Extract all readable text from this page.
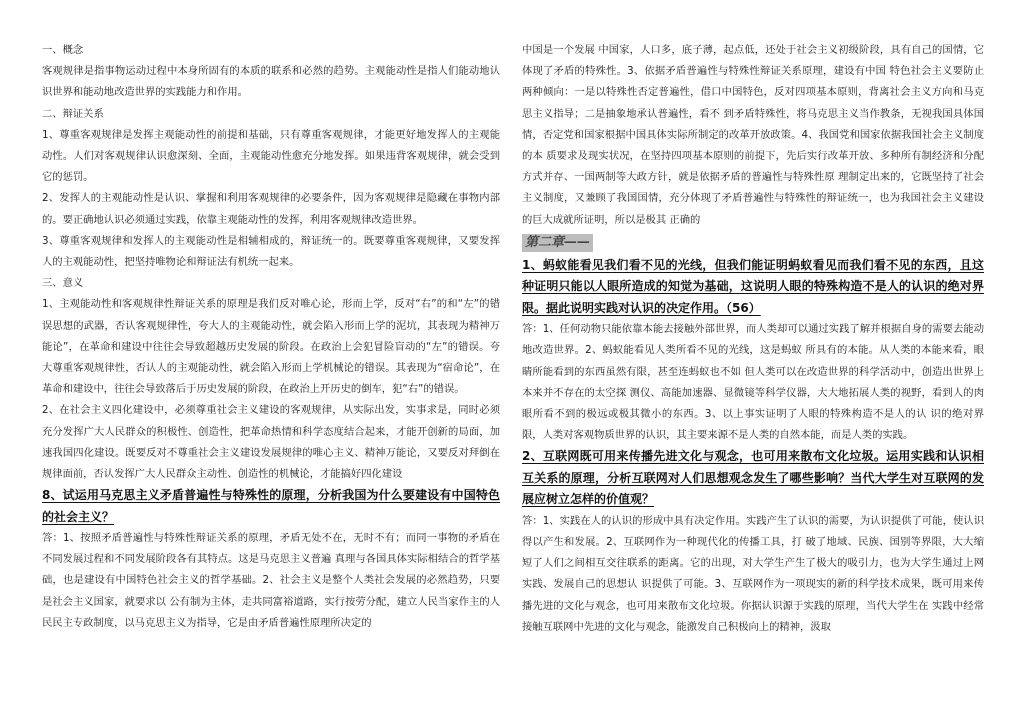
一、概念

客观规律是指事物运动过程中本身所固有的本质的联系和必然的趋势。主观能动性是指人们能动地认识世界和能动地改造世界的实践能力和作用。

二、辩证关系

1、尊重客观规律是发挥主观能动性的前提和基础，只有尊重客观规律，才能更好地发挥人的主观能动性。人们对客观规律认识愈深刻、全面，主观能动性愈充分地发挥。如果违背客观规律，就会受到它的惩罚。

2、发挥人的主观能动性是认识、掌握和利用客观规律的必要条件，因为客观规律是隐藏在事物内部的。要正确地认识必须通过实践，依靠主观能动性的发挥，利用客观规律改造世界。

3、尊重客观规律和发挥人的主观能动性是相辅相成的，辩证统一的。既要尊重客观规律，又要发挥人的主观能动性，把坚持唯物论和辩证法有机统一起来。

三、意义

1、主观能动性和客观规律性辩证关系的原理是我们反对唯心论，形而上学，反对“右”的和“左”的错误思想的武器，否认客观规律性，夸大人的主观能动性，就会陷入形而上学的泥坑，其表现为精神万能论”，在革命和建设中往往会导致超越历史发展的阶段。在政治上会犯冒险盲动的“左”的错误。夸大尊重客观规律性，否认人的主观能动性，就会陷入形而上学机械论的错误。其表现为“宿命论”，在革命和建设中，往往会导致落后于历史发展的阶段，在政治上开历史的倒车，犯“右”的错误。

2、在社会主义四化建设中，必须尊重社会主义建设的客观规律，从实际出发，实事求是，同时必须充分发挥广大人民群众的积极性、创造性，把革命热情和科学态度结合起来，才能开创新的局面，加速我国四化建设。既要反对不尊重社会主义建设发展规律的唯心主义、精神万能论，又要反对拜倒在规律面前，否认发挥广大人民群众主动性、创造性的机械论，才能搞好四化建设

8、试运用马克思主义矛盾普遍性与特殊性的原理，分析我国为什么要建设有中国特色的社会主义？

答：1、按照矛盾普遍性与特殊性辩证关系的原理，矛盾无处不在，无时不有；而同一事物的矛盾在不同发展过程和不同发展阶段各有其特点。这是马克思主义普遍 真理与各国具体实际相结合的哲学基础，也是建设有中国特色社会主义的哲学基础。2、社会主义是整个人类社会发展的必然趋势，只要是社会主义国家，就要求以 公有制为主体，走共同富裕道路，实行按劳分配，建立人民当家作主的人民民主专政制度，以马克思主义为指导，它是由矛盾普遍性原理所决定的

中国是一个发展 中国家，人口多，底子薄，起点低，还处于社会主义初级阶段，具有自己的国情，它体现了矛盾的特殊性。3、依据矛盾普遍性与特殊性辩证关系原理，建设有中国 特色社会主义要防止两种倾向：一是以特殊性否定普遍性，借口中国特色，反对四项基本原则，背离社会主义方向和马克思主义指导；二是抽象地承认普遍性，看不 到矛盾特殊性，将马克思主义当作教条，无视我国具体国情，否定党和国家根据中国具体实际所制定的改革开放政策。4、我国党和国家依据我国社会主义制度的本 质要求及现实状况，在坚持四项基本原则的前提下，先后实行改革开放、多种所有制经济和分配方式并存、一国两制等大政方针，就是依据矛盾的普遍性与特殊性原 理制定出来的，它既坚持了社会主义制度，又兼顾了我国国情，充分体现了矛盾普遍性与特殊性的辩证统一，也为我国社会主义建设的巨大成就所证明，所以是极其 正确的

第二章——

1、蚂蚁能看见我们看不见的光线，但我们能证明蚂蚁看见而我们看不见的东西，且这种证明只能以人眼所造成的知觉为基础，这说明人眼的特殊构造不是人的认识的绝对界限。据此说明实践对认识的决定作用。（56）

答：1、任何动物只能依靠本能去接触外部世界，而人类却可以通过实践了解并根据自身的需要去能动地改造世界。2、蚂蚁能看见人类所看不见的光线，这是蚂蚁 所具有的本能。从人类的本能来看，眼睛所能看到的东西虽然有限，甚至连蚂蚁也不如 但人类可以在改造世界的科学活动中，创造出世界上本来并不存在的太空探 测仪、高能加速器、显微镜等科学仪器，大大地拓展人类的视野，看到人的肉眼所看不到的极远或极其微小的东西。3、以上事实证明了人眼的特殊构造不是人的认 识的绝对界限，人类对客观物质世界的认识，其主要来源不是人类的自然本能，而是人类的实践。

2、互联网既可用来传播先进文化与观念，也可用来散布文化垃圾。运用实践和认识相互关系的原理，分析互联网对人们思想观念发生了哪些影响？当代大学生对互联网的发展应树立怎样的价值观？

答：1、实践在人的认识的形成中具有决定作用。实践产生了认识的需要，为认识提供了可能，使认识得以产生和发展。2、互联网作为一种现代化的传播工具，打 破了地域、民族、国别等界限，大大缩短了人们之间相互交往联系的距离。它的出现，对大学生产生了极大的吸引力，也为大学生通过上网实践、发展自己的思想认 识提供了可能。3、互联网作为一项现实的新的科学技术成果，既可用来传播先进的文化与观念，也可用来散布文化垃圾。你据认识源于实践的原理，当代大学生在 实践中经常接触互联网中先进的文化与观念，能激发自己积极向上的精神，汲取
